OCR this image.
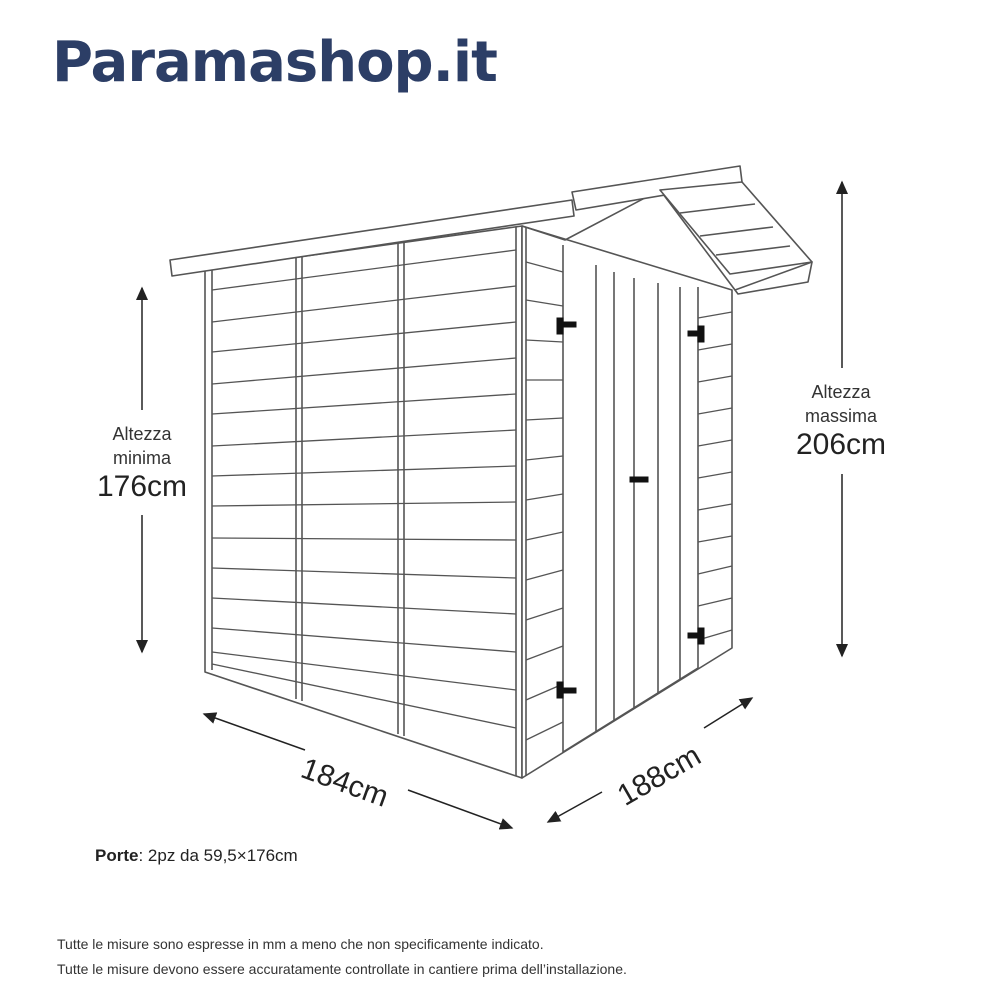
Paramashop.it
Altezza
minima
176cm
Altezza
massima
206cm
184cm	188cm
Porte: 2pz da 59,5×176cm
Tutte le misure sono espresse in mm a meno che non specificamente indicato.
Tutte le misure devono essere accuratamente controllate in cantiere prima dell’installazione.
